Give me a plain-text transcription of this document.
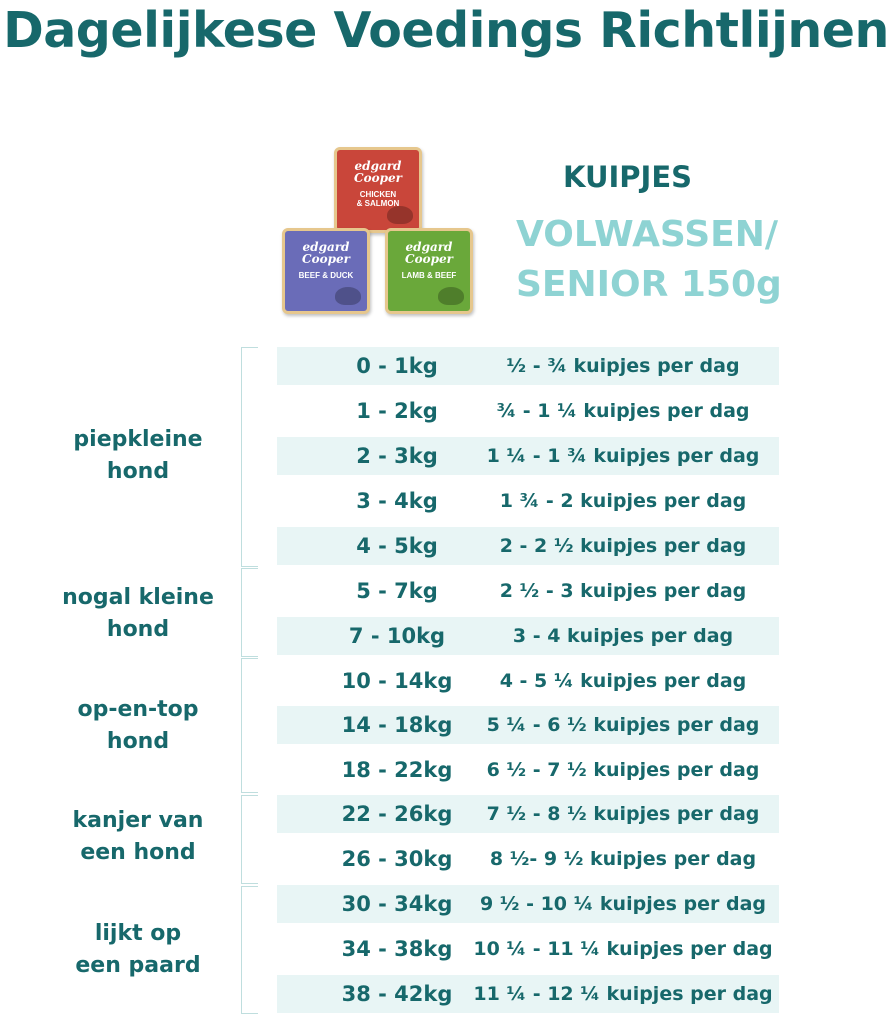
Dagelijkese Voedings Richtlijnen
edgard
Cooper
CHICKEN
& SALMON
edgard
Cooper
BEEF & DUCK
edgard
Cooper
LAMB & BEEF
KUIPJES
VOLWASSEN/
SENIOR 150g
piepkleine
hond
nogal kleine
hond
op-en-top
hond
kanjer van
een hond
lijkt op
een paard
0 - 1kg	½ - ¾ kuipjes per dag
1 - 2kg	¾ - 1 ¼ kuipjes per dag
2 - 3kg	1 ¼ - 1 ¾ kuipjes per dag
3 - 4kg	1 ¾ - 2 kuipjes per dag
4 - 5kg	2 - 2 ½ kuipjes per dag
5 - 7kg	2 ½ - 3 kuipjes per dag
7 - 10kg	3 - 4 kuipjes per dag
10 - 14kg	4 - 5 ¼ kuipjes per dag
14 - 18kg	5 ¼ - 6 ½ kuipjes per dag
18 - 22kg	6 ½ - 7 ½ kuipjes per dag
22 - 26kg	7 ½ - 8 ½ kuipjes per dag
26 - 30kg	8 ½- 9 ½ kuipjes per dag
30 - 34kg	9 ½ - 10 ¼ kuipjes per dag
34 - 38kg	10 ¼ - 11 ¼ kuipjes per dag
38 - 42kg	11 ¼ - 12 ¼ kuipjes per dag
